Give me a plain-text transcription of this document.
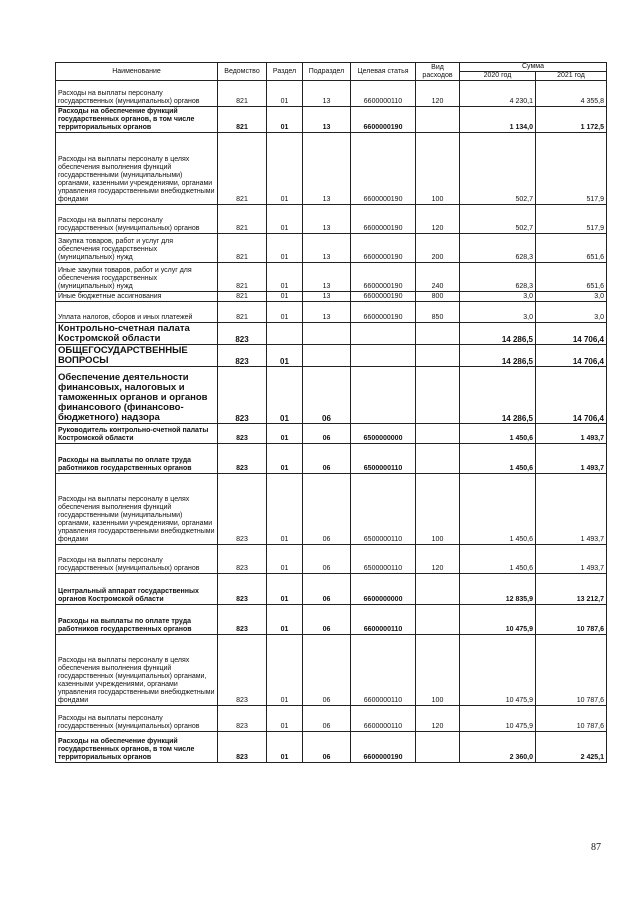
Наименование	Ведомство	Раздел	Подраздел	Целевая статья	Вид расходов	Сумма	
						2020 год	2021 год
Расходы на выплаты персоналу государственных (муниципальных) органов	821	01	13	6600000110	120	4 230,1	4 355,8
Расходы на обеспечение функций государственных органов, в том числе территориальных органов	821	01	13	6600000190		1 134,0	1 172,5
Расходы на выплаты персоналу в целях обеспечения выполнения функций государственными (муниципальными) органами, казенными учреждениями, органами управления государственными внебюджетными фондами	821	01	13	6600000190	100	502,7	517,9
Расходы на выплаты персоналу государственных (муниципальных) органов	821	01	13	6600000190	120	502,7	517,9
Закупка товаров, работ и услуг для обеспечения государственных (муниципальных) нужд	821	01	13	6600000190	200	628,3	651,6
Иные закупки товаров, работ и услуг для обеспечения государственных (муниципальных) нужд	821	01	13	6600000190	240	628,3	651,6
Иные бюджетные ассигнования	821	01	13	6600000190	800	3,0	3,0
Уплата налогов, сборов и иных платежей	821	01	13	6600000190	850	3,0	3,0
Контрольно-счетная палата Костромской области	823					14 286,5	14 706,4
ОБЩЕГОСУДАРСТВЕННЫЕ ВОПРОСЫ	823	01				14 286,5	14 706,4
Обеспечение деятельности финансовых, налоговых и таможенных органов и органов финансового (финансово-бюджетного) надзора	823	01	06			14 286,5	14 706,4
Руководитель контрольно-счетной палаты Костромской области	823	01	06	6500000000		1 450,6	1 493,7
Расходы на выплаты по оплате труда работников государственных органов	823	01	06	6500000110		1 450,6	1 493,7
Расходы на выплаты персоналу в целях обеспечения выполнения функций государственными (муниципальными) органами, казенными учреждениями, органами управления государственными внебюджетными фондами	823	01	06	6500000110	100	1 450,6	1 493,7
Расходы на выплаты персоналу государственных (муниципальных) органов	823	01	06	6500000110	120	1 450,6	1 493,7
Центральный аппарат государственных органов Костромской области	823	01	06	6600000000		12 835,9	13 212,7
Расходы на выплаты по оплате труда работников государственных органов	823	01	06	6600000110		10 475,9	10 787,6
Расходы на выплаты персоналу в целях обеспечения выполнения функций государственных (муниципальных) органами, казенными учреждениями, органами управления государственными внебюджетными фондами	823	01	06	6600000110	100	10 475,9	10 787,6
Расходы на выплаты персоналу государственных (муниципальных) органов	823	01	06	6600000110	120	10 475,9	10 787,6
Расходы на обеспечение функций государственных органов, в том числе территориальных органов	823	01	06	6600000190		2 360,0	2 425,1
87
